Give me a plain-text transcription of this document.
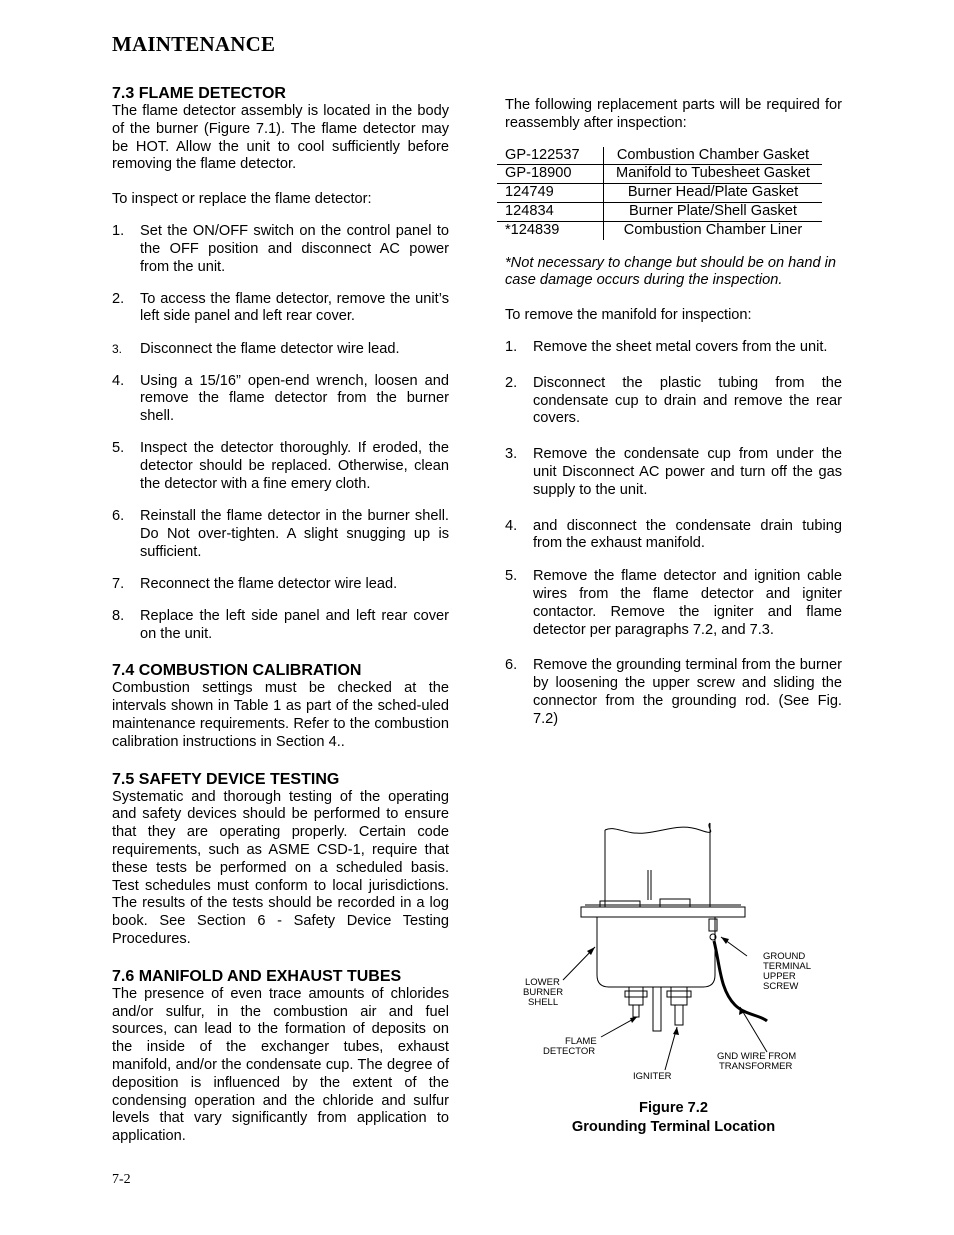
MAINTENANCE
7.3 FLAME DETECTOR

The flame detector assembly is located in the body of the burner (Figure 7.1). The flame detector may be HOT. Allow the unit to cool sufficiently before removing the flame detector.

To inspect or replace the flame detector:

1.	Set the ON/OFF switch on the control panel to the OFF position and disconnect AC power from the unit.
2.	To access the flame detector, remove the unit’s left side panel and left rear cover.
3.	Disconnect the flame detector wire lead.
4.	Using a 15/16” open-end wrench, loosen and remove the flame detector from the burner shell.
5.	Inspect the detector thoroughly. If eroded, the detector should be replaced. Otherwise, clean the detector with a fine emery cloth.
6.	Reinstall the flame detector in the burner shell. Do Not over-tighten. A slight snugging up is sufficient.
7.	Reconnect the flame detector wire lead.
8.	Replace the left side panel and left rear cover on the unit.
7.4 COMBUSTION CALIBRATION

Combustion settings must be checked at the intervals shown in Table 1 as part of the sched-uled maintenance requirements. Refer to the combustion calibration instructions in Section 4..

7.5 SAFETY DEVICE TESTING

Systematic and thorough testing of the operating and safety devices should be performed to ensure that they are operating properly. Certain code requirements, such as ASME CSD-1, require that these tests be performed on a scheduled basis. Test schedules must conform to local jurisdictions. The results of the tests should be recorded in a log book. See Section 6 - Safety Device Testing Procedures.

7.6 MANIFOLD AND EXHAUST TUBES

The presence of even trace amounts of chlorides and/or sulfur, in the combustion air and fuel sources, can lead to the formation of deposits on the inside of the exchanger tubes, exhaust manifold, and/or the condensate cup. The degree of deposition is influenced by the extent of the condensing operation and the chloride and sulfur levels that vary significantly from application to application.

The following replacement parts will be required for reassembly after inspection:

GP-122537	Combustion Chamber Gasket
GP-18900	Manifold to Tubesheet Gasket
124749	Burner Head/Plate Gasket
124834	Burner Plate/Shell Gasket
*124839	Combustion Chamber Liner

*Not necessary to change but should be on hand in case damage occurs during the inspection.

To remove the manifold for inspection:

1.	Remove the sheet metal covers from the unit.
2.	Disconnect the plastic tubing from the condensate cup to drain and remove the rear covers.
3.	Remove the condensate cup from under the unit Disconnect AC power and turn off the gas supply to the unit.
4.	and disconnect the condensate drain tubing from the exhaust manifold.
5.	Remove the flame detector and ignition cable wires from the flame detector and igniter contactor. Remove the igniter and flame detector per paragraphs 7.2, and 7.3.
6.	Remove the grounding terminal from the burner by loosening the upper screw and sliding the connector from the grounding rod. (See Fig. 7.2)
GROUND
TERMINAL
UPPER
SCREW
LOWER
BURNER
SHELL
FLAME
DETECTOR	GND WIRE FROM
TRANSFORMER
IGNITER
Figure 7.2
Grounding Terminal Location
7-2
